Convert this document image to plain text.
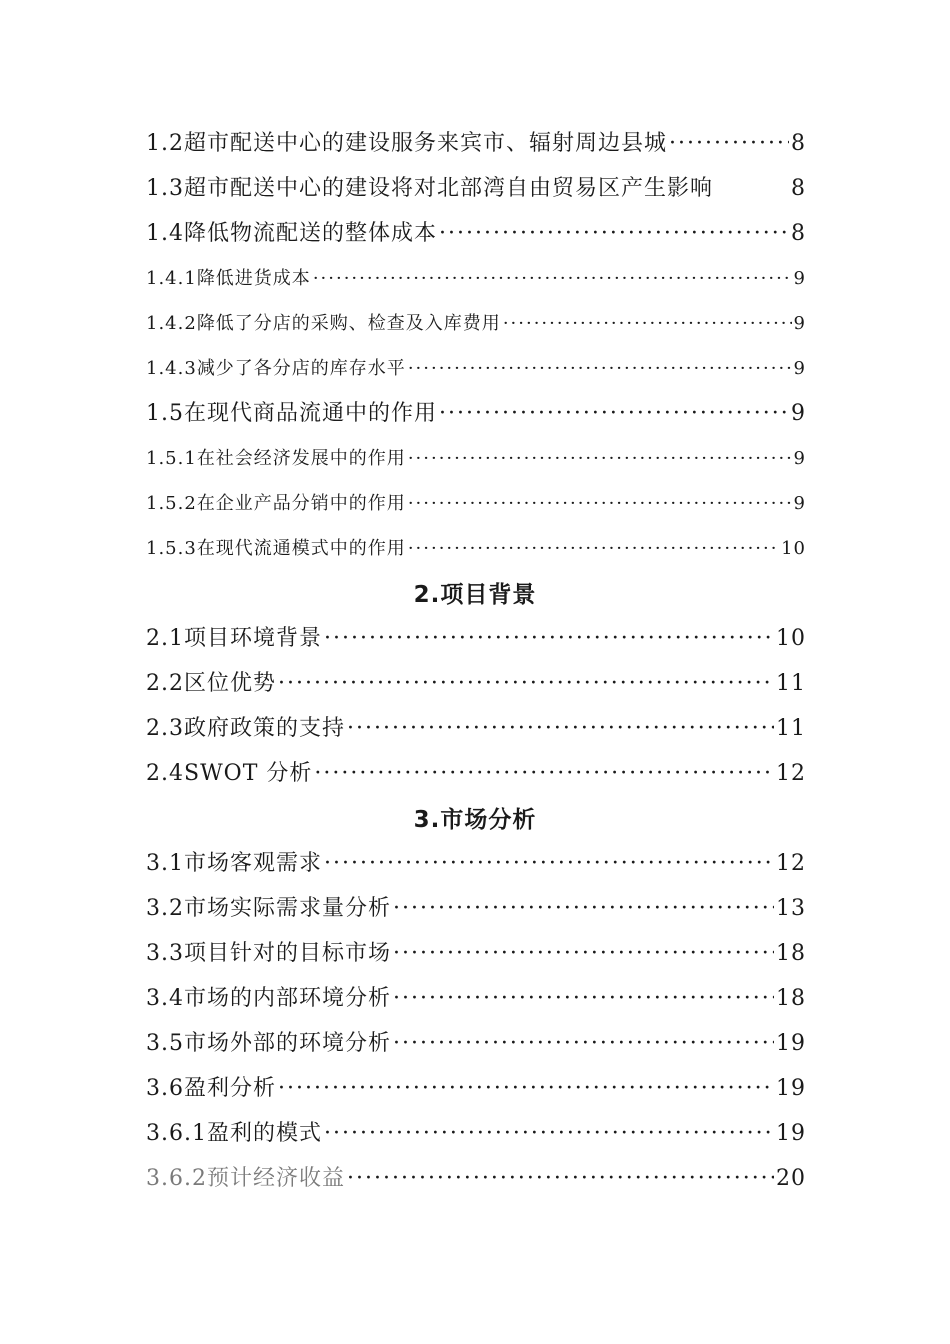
1.2 超市配送中心的建设服务来宾市、辐射周边县城 ·····	8
1.3 超市配送中心的建设将对北部湾自由贸易区产生影响	8
1.4 降低物流配送的整体成本 ·····	8
1.4.1 降低进货成本 ·····	9
1.4.2 降低了分店的采购、检查及入库费用 ·····	9
1.4.3 减少了各分店的库存水平 ·····	9
1.5 在现代商品流通中的作用 ·····	9
1.5.1 在社会经济发展中的作用 ·····	9
1.5.2 在企业产品分销中的作用 ·····	9
1.5.3 在现代流通模式中的作用 ·····	10
2.项目背景
2.1 项目环境背景 ·····	10
2.2 区位优势 ·····	11
2.3 政府政策的支持 ·····	11
2.4 SWOT 分析 ·····	12
3.市场分析
3.1 市场客观需求 ·····	12
3.2 市场实际需求量分析 ·····	13
3.3 项目针对的目标市场 ·····	18
3.4 市场的内部环境分析 ·····	18
3.5 市场外部的环境分析 ·····	19
3.6 盈利分析 ·····	19
3.6.1 盈利的模式 ·····	19
3.6.2 预计经济收益 ·····	20
